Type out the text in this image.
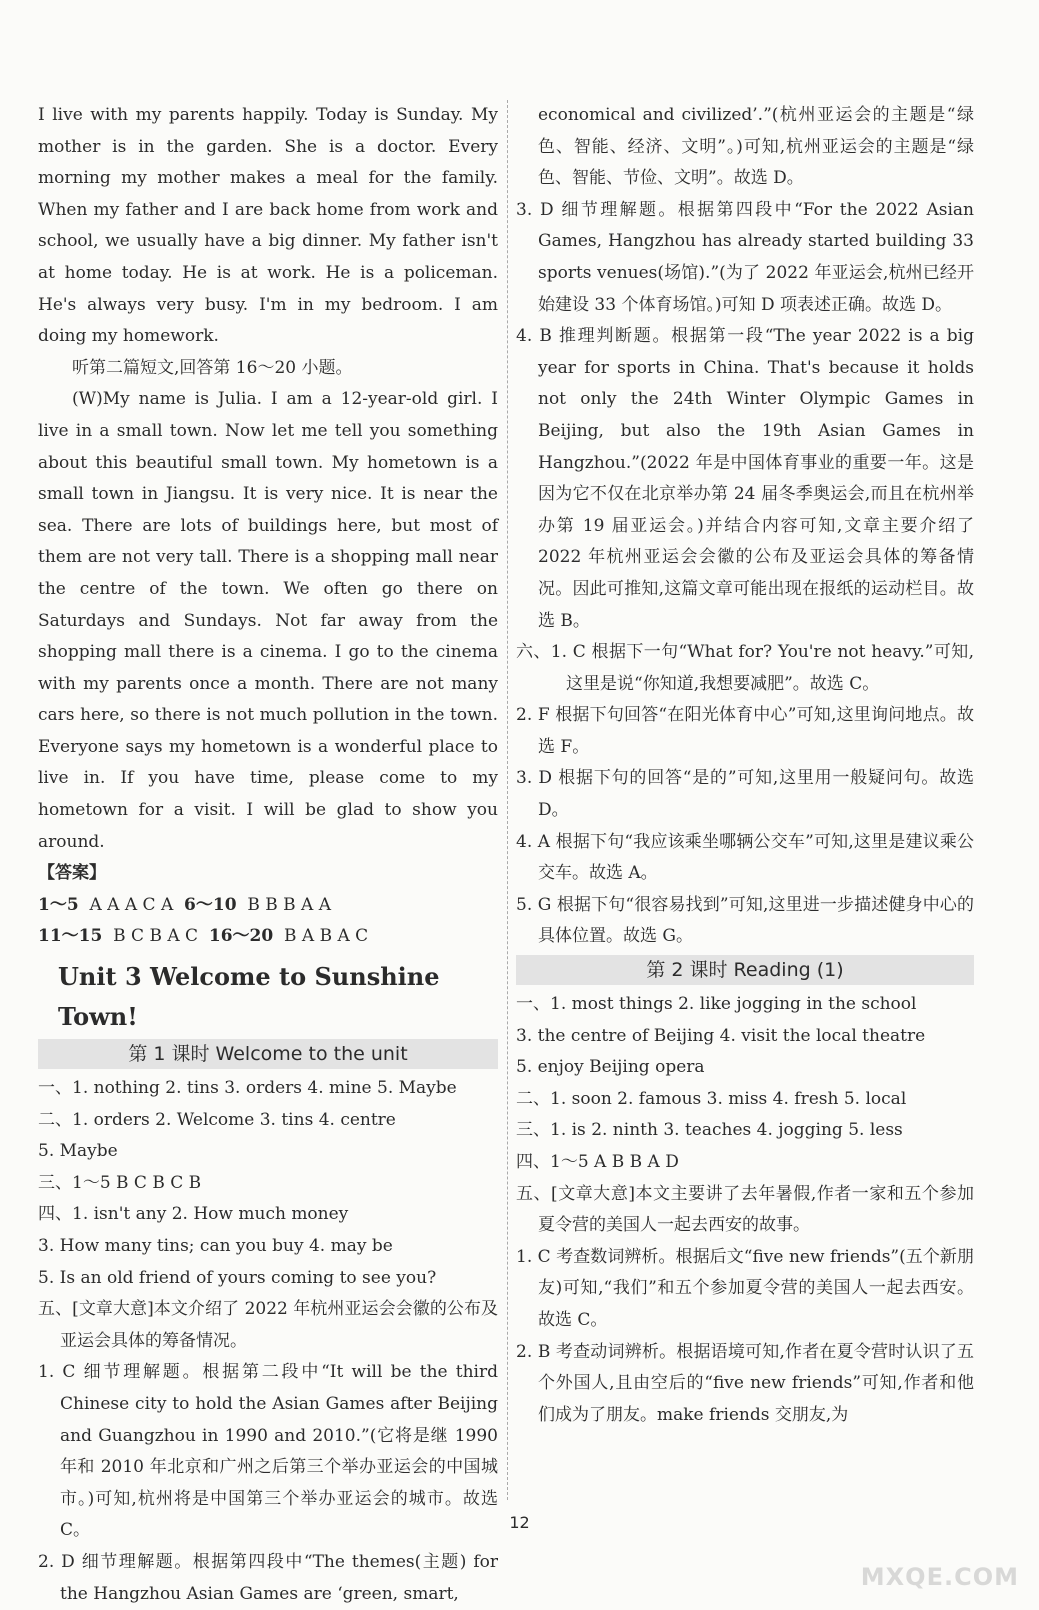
I live with my parents happily. Today is Sunday. My mother is in the garden. She is a doctor. Every morning my mother makes a meal for the family. When my father and I are back home from work and school, we usually have a big dinner. My father isn't at home today. He is at work. He is a policeman. He's always very busy. I'm in my bedroom. I am doing my homework.

听第二篇短文,回答第 16～20 小题。

(W)My name is Julia. I am a 12-year-old girl. I live in a small town. Now let me tell you something about this beautiful small town. My hometown is a small town in Jiangsu. It is very nice. It is near the sea. There are lots of buildings here, but most of them are not very tall. There is a shopping mall near the centre of the town. We often go there on Saturdays and Sundays. Not far away from the shopping mall there is a cinema. I go to the cinema with my parents once a month. There are not many cars here, so there is not much pollution in the town. Everyone says my hometown is a wonderful place to live in. If you have time, please come to my hometown for a visit. I will be glad to show you around.

【答案】

1～5 A A A C A 6～10 B B B A A

11～15 B C B A C 16～20 B A B A C

Unit 3 Welcome to Sunshine Town!
第 1 课时 Welcome to the unit

一、1. nothing 2. tins 3. orders 4. mine 5. Maybe

二、1. orders 2. Welcome 3. tins 4. centre

5. Maybe

三、1～5 B C B C B

四、1. isn't any 2. How much money

3. How many tins; can you buy 4. may be

5. Is an old friend of yours coming to see you?

五、[文章大意]本文介绍了 2022 年杭州亚运会会徽的公布及亚运会具体的筹备情况。

1. C 细节理解题。根据第二段中“It will be the third Chinese city to hold the Asian Games after Beijing and Guangzhou in 1990 and 2010.”(它将是继 1990 年和 2010 年北京和广州之后第三个举办亚运会的中国城市。)可知,杭州将是中国第三个举办亚运会的城市。故选 C。

2. D 细节理解题。根据第四段中“The themes(主题) for the Hangzhou Asian Games are ‘green, smart,

economical and civilized’.”(杭州亚运会的主题是“绿色、智能、经济、文明”。)可知,杭州亚运会的主题是“绿色、智能、节俭、文明”。故选 D。

3. D 细节理解题。根据第四段中“For the 2022 Asian Games, Hangzhou has already started building 33 sports venues(场馆).”(为了 2022 年亚运会,杭州已经开始建设 33 个体育场馆。)可知 D 项表述正确。故选 D。

4. B 推理判断题。根据第一段“The year 2022 is a big year for sports in China. That's because it holds not only the 24th Winter Olympic Games in Beijing, but also the 19th Asian Games in Hangzhou.”(2022 年是中国体育事业的重要一年。这是因为它不仅在北京举办第 24 届冬季奥运会,而且在杭州举办第 19 届亚运会。)并结合内容可知,文章主要介绍了 2022 年杭州亚运会会徽的公布及亚运会具体的筹备情况。因此可推知,这篇文章可能出现在报纸的运动栏目。故选 B。

六、1. C 根据下一句“What for? You're not heavy.”可知,这里是说“你知道,我想要减肥”。故选 C。

2. F 根据下句回答“在阳光体育中心”可知,这里询问地点。故选 F。

3. D 根据下句的回答“是的”可知,这里用一般疑问句。故选 D。

4. A 根据下句“我应该乘坐哪辆公交车”可知,这里是建议乘公交车。故选 A。

5. G 根据下句“很容易找到”可知,这里进一步描述健身中心的具体位置。故选 G。

第 2 课时 Reading (1)

一、1. most things 2. like jogging in the school

3. the centre of Beijing 4. visit the local theatre

5. enjoy Beijing opera

二、1. soon 2. famous 3. miss 4. fresh 5. local

三、1. is 2. ninth 3. teaches 4. jogging 5. less

四、1～5 A B B A D

五、[文章大意]本文主要讲了去年暑假,作者一家和五个参加夏令营的美国人一起去西安的故事。

1. C 考查数词辨析。根据后文“five new friends”(五个新朋友)可知,“我们”和五个参加夏令营的美国人一起去西安。故选 C。

2. B 考查动词辨析。根据语境可知,作者在夏令营时认识了五个外国人,且由空后的“five new friends”可知,作者和他们成为了朋友。make friends 交朋友,为

12
MXQE.COM
